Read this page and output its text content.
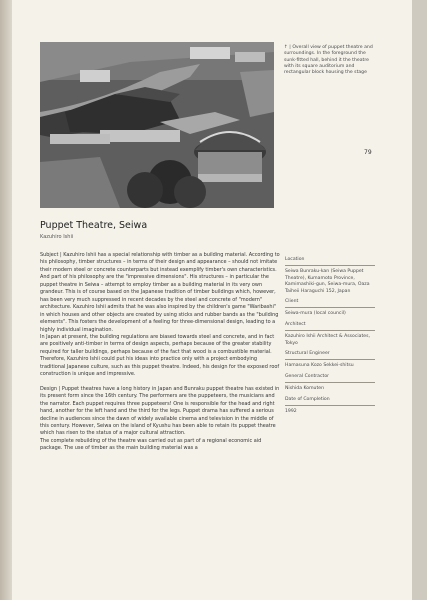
↑ | Overall view of puppet theatre and surroundings. In the foreground the sunk-fitted hall, behind it the theatre with its square auditorium and rectangular block housing the stage
79
Puppet Theatre, Seiwa
Kazuhiro Ishii

Subject | Kazuhiro Ishii has a special relationship with timber as a building material. According to his philosophy, timber structures – in terms of their design and appearance – should not imitate their modern steel or concrete counterparts but instead exemplify timber's own characteristics. And part of his philosophy are the "impressive dimensions". His structures – in particular the puppet theatre in Seiwa – attempt to employ timber as a building material in its very own grandeur. This is of course based on the Japanese tradition of timber buildings which, however, has been very much suppressed in recent decades by the steel and concrete of "modern" architecture. Kazuhiro Ishii admits that he was also inspired by the children's game "Waribashi" in which houses and other objects are created by using sticks and rubber bands as the "building elements". This fosters the development of a feeling for three-dimensional design, leading to a highly individual imagination.

In Japan at present, the building regulations are biased towards steel and concrete, and in fact are positively anti-timber in terms of design aspects, perhaps because of the greater stability required for taller buildings, perhaps because of the fact that wood is a combustible material. Therefore, Kazuhiro Ishii could put his ideas into practice only with a project embodying traditional Japanese culture, such as this puppet theatre. Indeed, his design for the exposed roof construction is unique and impressive.

Design | Puppet theatres have a long history in Japan and Bunraku puppet theatre has existed in its present form since the 16th century. The performers are the puppeteers, the musicians and the narrator. Each puppet requires three puppeteers! One is responsible for the head and right hand, another for the left hand and the third for the legs. Puppet drama has suffered a serious decline in audiences since the dawn of widely available cinema and television in the middle of this century. However, Seiwa on the island of Kyushu has been able to retain its puppet theatre which has risen to the status of a major cultural attraction.

The complete rebuilding of the theatre was carried out as part of a regional economic aid package. The use of timber as the main building material was a

Location
Seiwa Bunraku-kan (Seiwa Puppet Theatre), Kumamoto Province, Kamimashiki-gun, Seiwa-mura, Oaza Taiheii Haraguchi 152, Japan
Client
Seiwa-mura (local council)
Architect
Kazuhiro Ishii Architect & Associates, Tokyo
Structural Engineer
Hamasuna Kozo Sekkei-shitsu
General Contractor
Nishida Komuten
Date of Completion
1992
